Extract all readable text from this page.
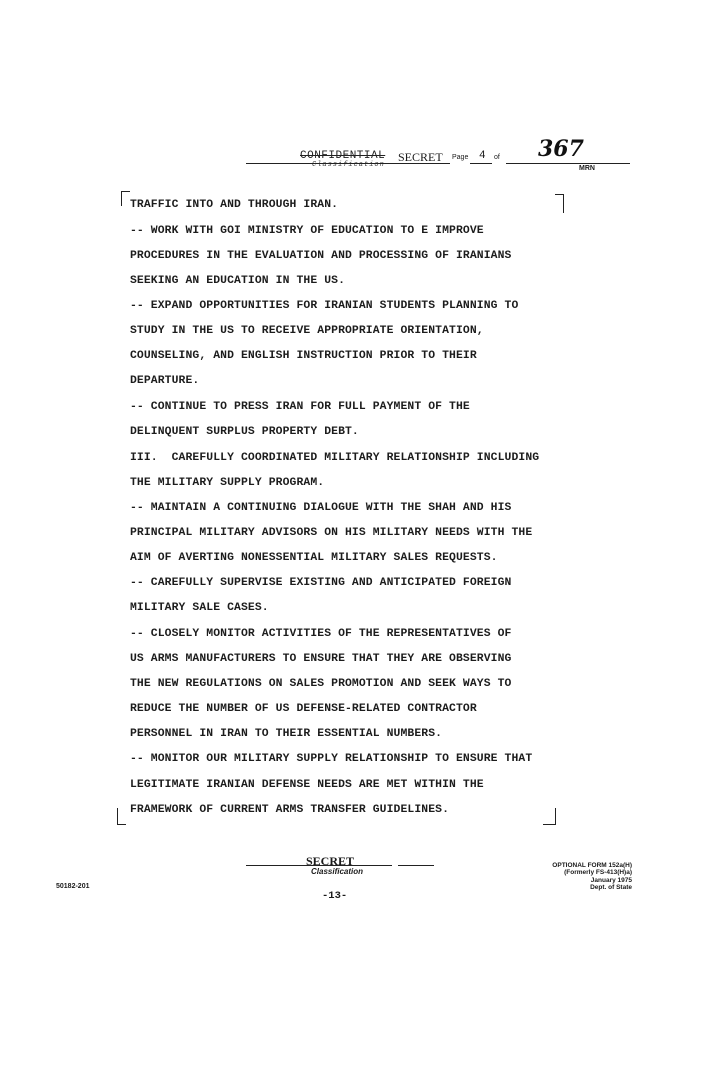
CONFIDENTIAL
Classification
SECRET Page 4 of 367
MRN
TRAFFIC INTO AND THROUGH IRAN.
-- WORK WITH GOI MINISTRY OF EDUCATION TO E IMPROVE
PROCEDURES IN THE EVALUATION AND PROCESSING OF IRANIANS
SEEKING AN EDUCATION IN THE US.
-- EXPAND OPPORTUNITIES FOR IRANIAN STUDENTS PLANNING TO
STUDY IN THE US TO RECEIVE APPROPRIATE ORIENTATION,
COUNSELING, AND ENGLISH INSTRUCTION PRIOR TO THEIR
DEPARTURE.
-- CONTINUE TO PRESS IRAN FOR FULL PAYMENT OF THE
DELINQUENT SURPLUS PROPERTY DEBT.
III.  CAREFULLY COORDINATED MILITARY RELATIONSHIP INCLUDING
THE MILITARY SUPPLY PROGRAM.
-- MAINTAIN A CONTINUING DIALOGUE WITH THE SHAH AND HIS
PRINCIPAL MILITARY ADVISORS ON HIS MILITARY NEEDS WITH THE
AIM OF AVERTING NONESSENTIAL MILITARY SALES REQUESTS.
-- CAREFULLY SUPERVISE EXISTING AND ANTICIPATED FOREIGN
MILITARY SALE CASES.
-- CLOSELY MONITOR ACTIVITIES OF THE REPRESENTATIVES OF
US ARMS MANUFACTURERS TO ENSURE THAT THEY ARE OBSERVING
THE NEW REGULATIONS ON SALES PROMOTION AND SEEK WAYS TO
REDUCE THE NUMBER OF US DEFENSE-RELATED CONTRACTOR
PERSONNEL IN IRAN TO THEIR ESSENTIAL NUMBERS.
-- MONITOR OUR MILITARY SUPPLY RELATIONSHIP TO ENSURE THAT
LEGITIMATE IRANIAN DEFENSE NEEDS ARE MET WITHIN THE
FRAMEWORK OF CURRENT ARMS TRANSFER GUIDELINES.
SECRET
Classification
-13-
50182-201
OPTIONAL FORM 152a(H)
(Formerly FS-413(H)a)
January 1975
Dept. of State
